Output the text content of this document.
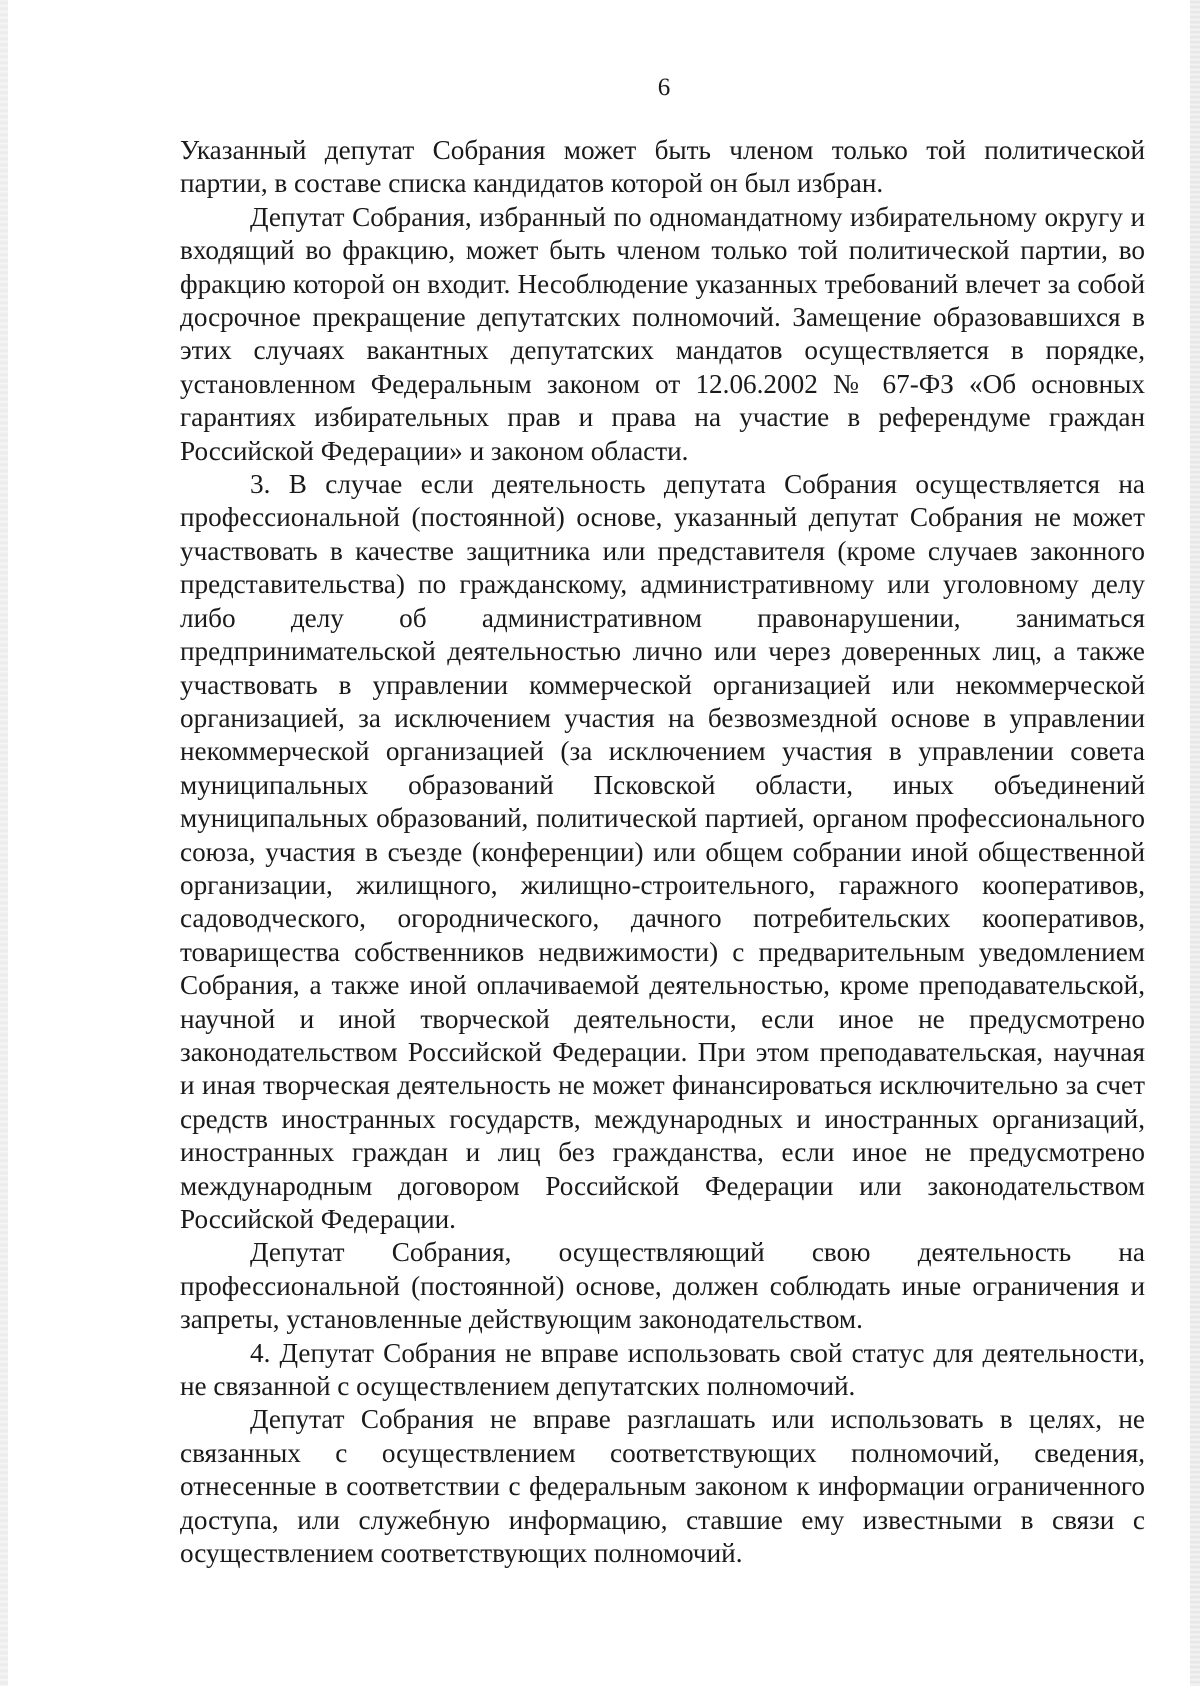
6

Указанный депутат Собрания может быть членом только той политической партии, в составе списка кандидатов которой он был избран.

Депутат Собрания, избранный по одномандатному избирательному округу и входящий во фракцию, может быть членом только той политической партии, во фракцию которой он входит. Несоблюдение указанных требований влечет за собой досрочное прекращение депутатских полномочий. Замещение образовавшихся в этих случаях вакантных депутатских мандатов осуществляется в порядке, установленном Федеральным законом от 12.06.2002 № 67-ФЗ «Об основных гарантиях избирательных прав и права на участие в референдуме граждан Российской Федерации» и законом области.

3. В случае если деятельность депутата Собрания осуществляется на профессиональной (постоянной) основе, указанный депутат Собрания не может участвовать в качестве защитника или представителя (кроме случаев законного представительства) по гражданскому, административному или уголовному делу либо делу об административном правонарушении, заниматься предпринимательской деятельностью лично или через доверенных лиц, а также участвовать в управлении коммерческой организацией или некоммерческой организацией, за исключением участия на безвозмездной основе в управлении некоммерческой организацией (за исключением участия в управлении совета муниципальных образований Псковской области, иных объединений муниципальных образований, политической партией, органом профессионального союза, участия в съезде (конференции) или общем собрании иной общественной организации, жилищного, жилищно-строительного, гаражного кооперативов, садоводческого, огороднического, дачного потребительских кооперативов, товарищества собственников недвижимости) с предварительным уведомлением Собрания, а также иной оплачиваемой деятельностью, кроме преподавательской, научной и иной творческой деятельности, если иное не предусмотрено законодательством Российской Федерации. При этом преподавательская, научная и иная творческая деятельность не может финансироваться исключительно за счет средств иностранных государств, международных и иностранных организаций, иностранных граждан и лиц без гражданства, если иное не предусмотрено международным договором Российской Федерации или законодательством Российской Федерации.

Депутат Собрания, осуществляющий свою деятельность на профессиональной (постоянной) основе, должен соблюдать иные ограничения и запреты, установленные действующим законодательством.

4. Депутат Собрания не вправе использовать свой статус для деятельности, не связанной с осуществлением депутатских полномочий.

Депутат Собрания не вправе разглашать или использовать в целях, не связанных с осуществлением соответствующих полномочий, сведения, отнесенные в соответствии с федеральным законом к информации ограниченного доступа, или служебную информацию, ставшие ему известными в связи с осуществлением соответствующих полномочий.
